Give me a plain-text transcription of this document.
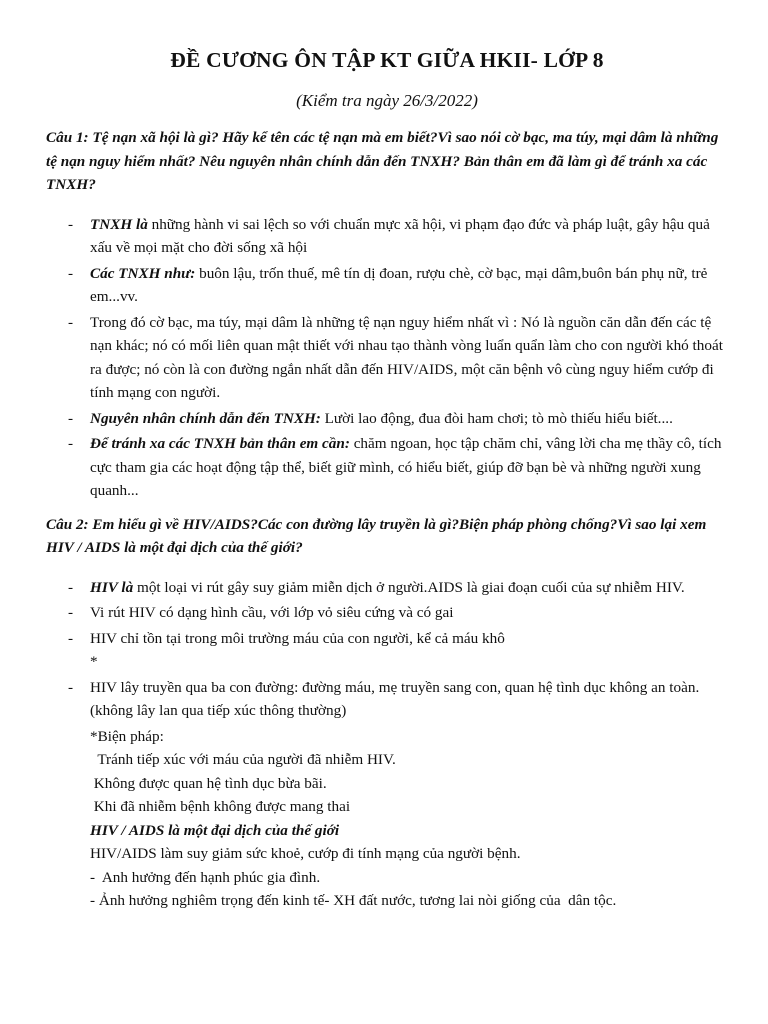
ĐỀ CƯƠNG ÔN TẬP KT GIỮA HKII- LỚP 8
(Kiểm tra ngày 26/3/2022)
Câu 1: Tệ nạn xã hội là gì? Hãy kể tên các tệ nạn mà em biết?Vì sao nói cờ bạc, ma túy, mại dâm là những tệ nạn nguy hiểm nhất? Nêu nguyên nhân chính dẫn đến TNXH? Bản thân em đã làm gì để tránh xa các TNXH?
- TNXH là những hành vi sai lệch so với chuẩn mực xã hội, vi phạm đạo đức và pháp luật, gây hậu quả xấu về mọi mặt cho đời sống xã hội
- Các TNXH như: buôn lậu, trốn thuế, mê tín dị đoan, rượu chè, cờ bạc, mại dâm,buôn bán phụ nữ, trẻ em...vv.
- Trong đó cờ bạc, ma túy, mại dâm là những tệ nạn nguy hiểm nhất vì : Nó là nguồn căn dẫn đến các tệ nạn khác; nó có mối liên quan mật thiết với nhau tạo thành vòng luẩn quẩn làm cho con người khó thoát ra được; nó còn là con đường ngắn nhất dẫn đến HIV/AIDS, một căn bệnh vô cùng nguy hiểm cướp đi tính mạng con người.
- Nguyên nhân chính dẫn đến TNXH: Lười lao động, đua đòi ham chơi; tò mò thiếu hiểu biết....
- Để tránh xa các TNXH bản thân em cần: chăm ngoan, học tập chăm chỉ, vâng lời cha mẹ thầy cô, tích cực tham gia các hoạt động tập thể, biết giữ mình, có hiểu biết, giúp đỡ bạn bè và những người xung quanh...
Câu 2: Em hiểu gì về HIV/AIDS?Các con đường lây truyền là gì?Biện pháp phòng chống?Vì sao lại xem HIV / AIDS là một đại dịch của thế giới?
- HIV là một loại vi rút gây suy giảm miễn dịch ở người.AIDS là giai đoạn cuối của sự nhiễm HIV.
- Vi rút HIV có dạng hình cầu, với lớp vỏ siêu cứng và có gai
- HIV chỉ tồn tại trong môi trường máu của con người, kể cả máu khô
*
- HIV lây truyền qua ba con đường: đường máu, mẹ truyền sang con, quan hệ tình dục không an toàn.(không lây lan qua tiếp xúc thông thường)
*Biện pháp:
Tránh tiếp xúc với máu của người đã nhiễm HIV.
Không được quan hệ tình dục bừa bãi.
Khi đã nhiễm bệnh không được mang thai
HIV / AIDS là một đại dịch của thế giới
HIV/AIDS làm suy giảm sức khoẻ, cướp đi tính mạng của người bệnh.
-  Anh hưởng đến hạnh phúc gia đình.
- Ảnh hưởng nghiêm trọng đến kinh tế- XH đất nước, tương lai nòi giống của  dân tộc.
